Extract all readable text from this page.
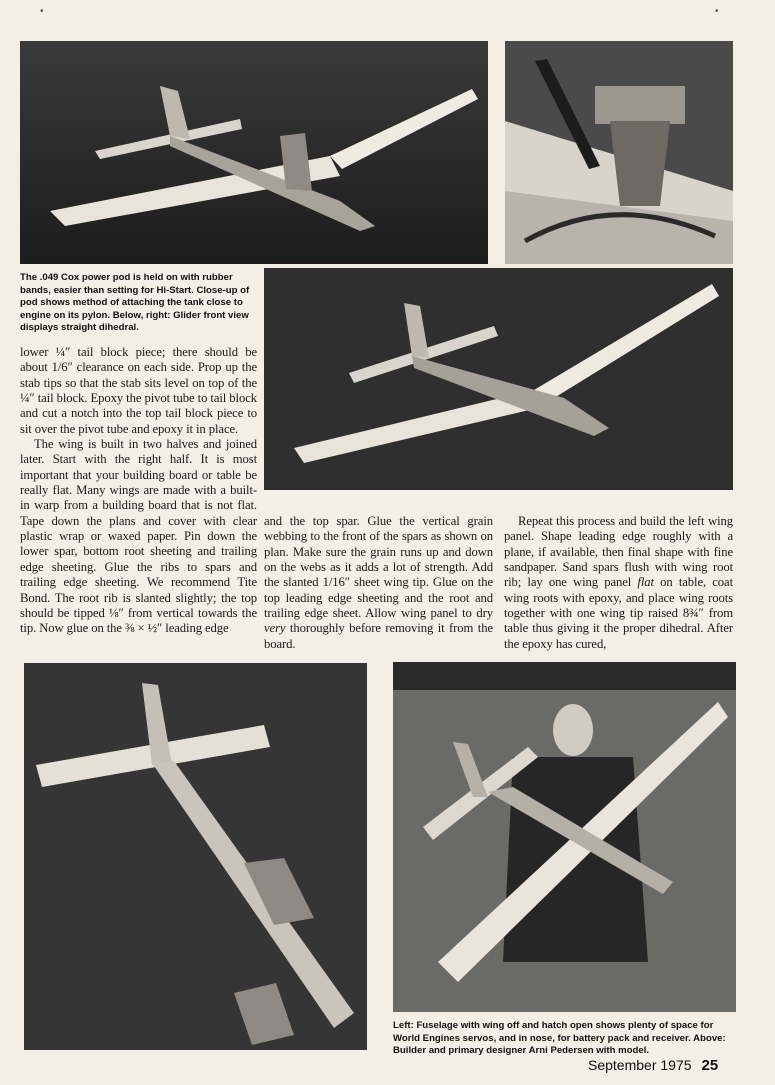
•	•
The .049 Cox power pod is held on with rubber bands, easier than setting for Hi-Start. Close-up of pod shows method of attaching the tank close to engine on its pylon. Below, right: Glider front view displays straight dihedral.

lower ¼″ tail block piece; there should be about 1/6″ clearance on each side. Prop up the stab tips so that the stab sits level on top of the ¼″ tail block. Epoxy the pivot tube to tail block and cut a notch into the top tail block piece to sit over the pivot tube and epoxy it in place.

The wing is built in two halves and joined later. Start with the right half. It is most important that your building board or table be really flat. Many wings are made with a built-in warp from a building board that is not flat. Tape down the plans and cover with clear plastic wrap or waxed paper. Pin down the lower spar, bottom root sheeting and trailing edge sheeting. Glue the ribs to spars and trailing edge sheeting. We recommend Tite Bond. The root rib is slanted slightly; the top should be tipped ⅛″ from vertical towards the tip. Now glue on the ⅜ × ½″ leading edge

and the top spar. Glue the vertical grain webbing to the front of the spars as shown on plan. Make sure the grain runs up and down on the webs as it adds a lot of strength. Add the slanted 1/16″ sheet wing tip. Glue on the top leading edge sheeting and the root and trailing edge sheet. Allow wing panel to dry very thoroughly before removing it from the board.

Repeat this process and build the left wing panel. Shape leading edge roughly with a plane, if available, then final shape with fine sandpaper. Sand spars flush with wing root rib; lay one wing panel flat on table, coat wing roots with epoxy, and place wing roots together with one wing tip raised 8¾″ from table thus giving it the proper dihedral. After the epoxy has cured,

Left: Fuselage with wing off and hatch open shows plenty of space for World Engines servos, and in nose, for battery pack and receiver. Above: Builder and primary designer Arni Pedersen with model.
September 1975 25
